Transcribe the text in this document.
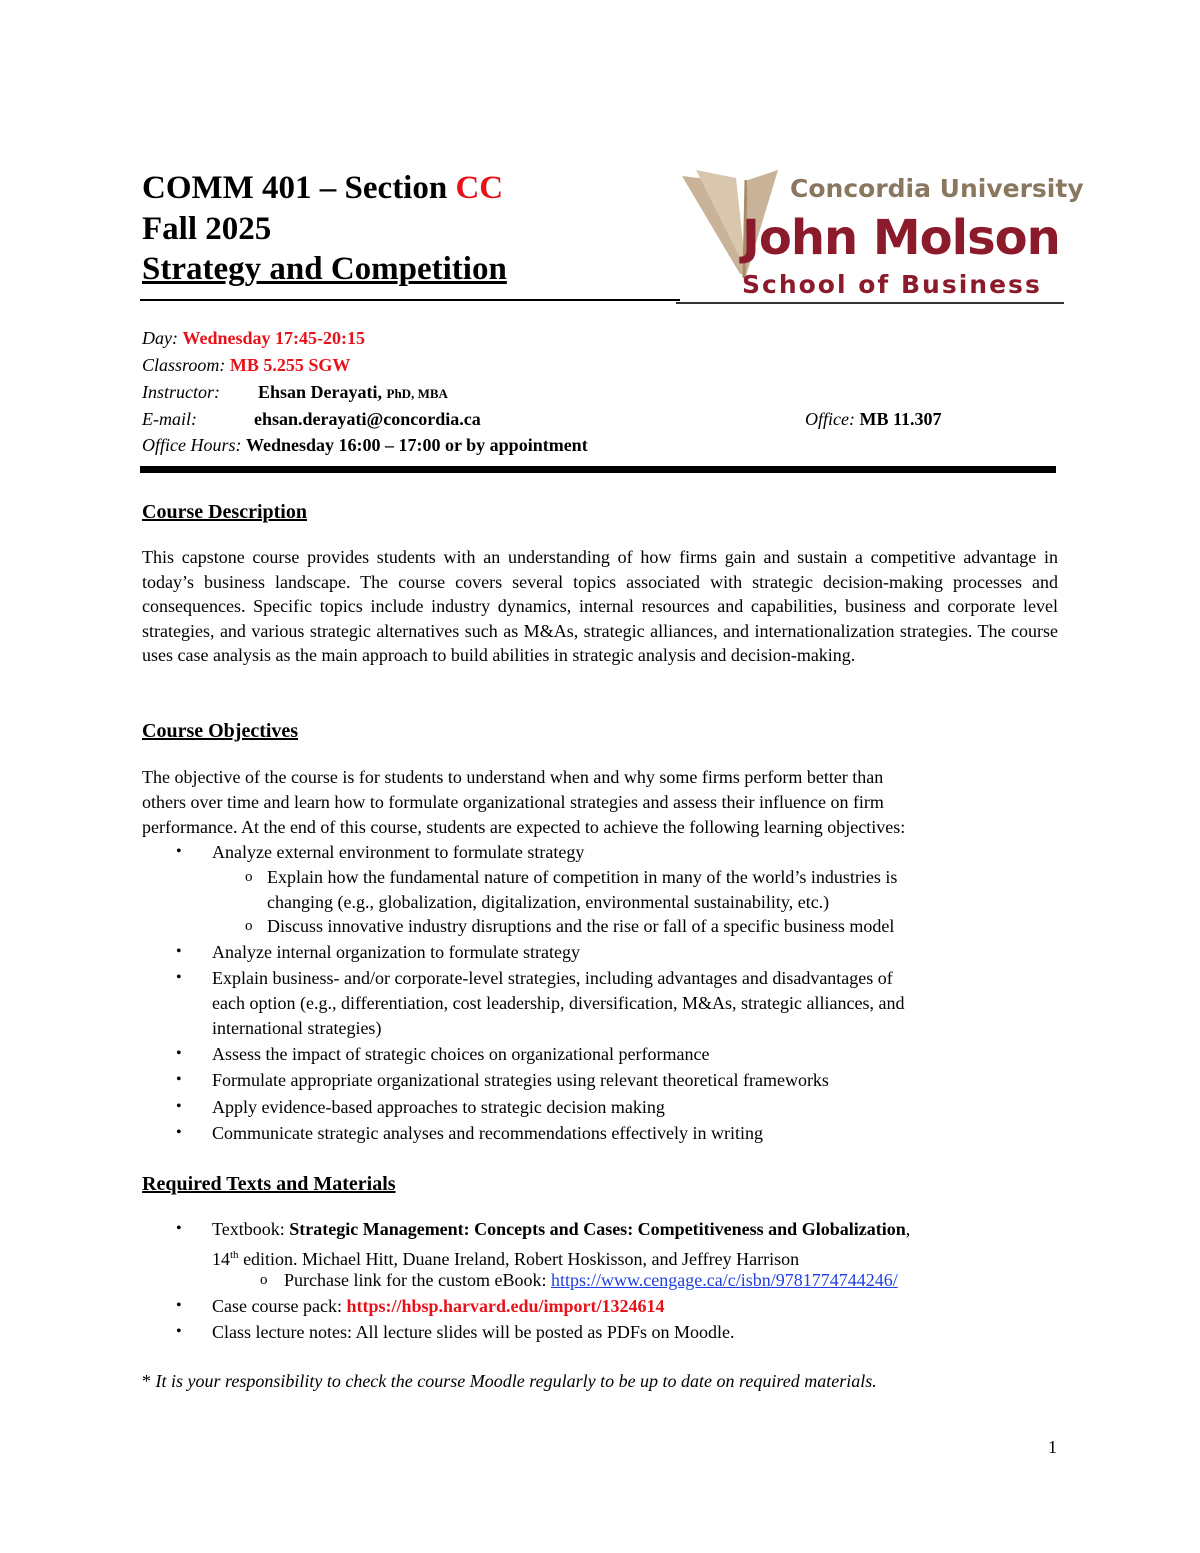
COMM 401 – Section CC
Fall 2025
Strategy and Competition
Concordia University
John Molson
School of Business
Day: Wednesday 17:45-20:15
Classroom: MB 5.255 SGW
Instructor: Ehsan Derayati, PhD, MBA
E-mail:	ehsan.derayati@concordia.ca	Office: MB 11.307
Office Hours: Wednesday 16:00 – 17:00 or by appointment
Course Description
This capstone course provides students with an understanding of how firms gain and sustain a competitive advantage in today’s business landscape. The course covers several topics associated with strategic decision-making processes and consequences. Specific topics include industry dynamics, internal resources and capabilities, business and corporate level strategies, and various strategic alternatives such as M&As, strategic alliances, and internationalization strategies. The course uses case analysis as the main approach to build abilities in strategic analysis and decision-making.
Course Objectives
The objective of the course is for students to understand when and why some firms perform better than
others over time and learn how to formulate organizational strategies and assess their influence on firm
performance. At the end of this course, students are expected to achieve the following learning objectives:
• Analyze external environment to formulate strategy
o Explain how the fundamental nature of competition in many of the world’s industries is
changing (e.g., globalization, digitalization, environmental sustainability, etc.)
o Discuss innovative industry disruptions and the rise or fall of a specific business model
• Analyze internal organization to formulate strategy
• Explain business- and/or corporate-level strategies, including advantages and disadvantages of
each option (e.g., differentiation, cost leadership, diversification, M&As, strategic alliances, and
international strategies)
• Assess the impact of strategic choices on organizational performance
• Formulate appropriate organizational strategies using relevant theoretical frameworks
• Apply evidence-based approaches to strategic decision making
• Communicate strategic analyses and recommendations effectively in writing
Required Texts and Materials
• Textbook: Strategic Management: Concepts and Cases: Competitiveness and Globalization,
14th edition. Michael Hitt, Duane Ireland, Robert Hoskisson, and Jeffrey Harrison
o Purchase link for the custom eBook: https://www.cengage.ca/c/isbn/9781774744246/
• Case course pack: https://hbsp.harvard.edu/import/1324614
• Class lecture notes: All lecture slides will be posted as PDFs on Moodle.
* It is your responsibility to check the course Moodle regularly to be up to date on required materials.
1
